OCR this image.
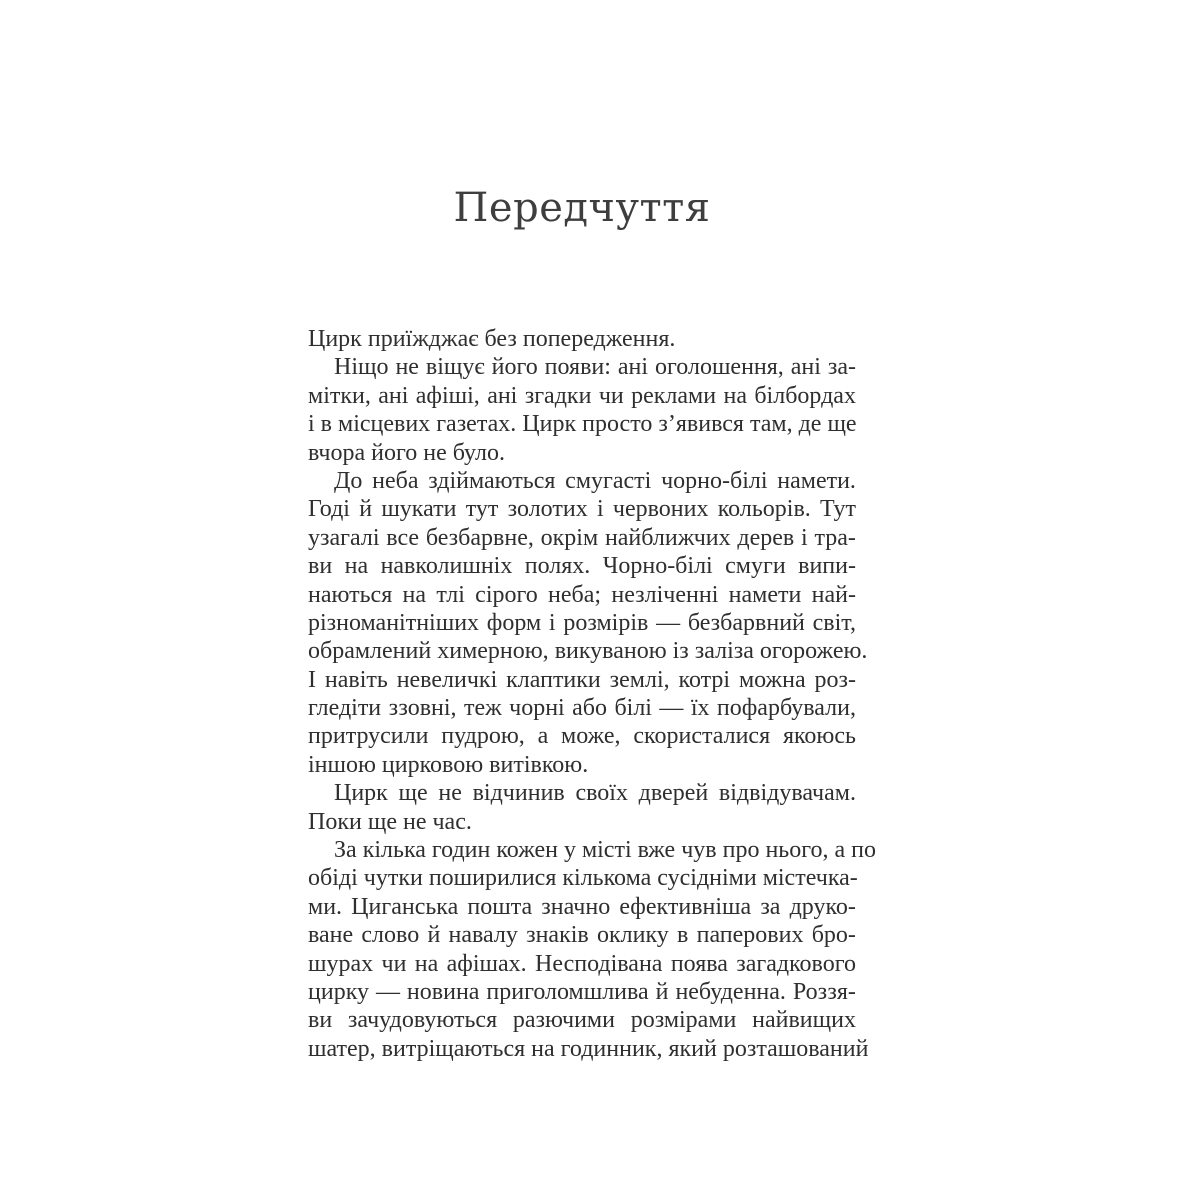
Передчуття
Цирк приїжджає без попередження.
Ніщо не віщує його появи: ані оголошення, ані за-
мітки, ані афіші, ані згадки чи реклами на білбордах
і в місцевих газетах. Цирк просто з’явився там, де ще
вчора його не було.
До неба здіймаються смугасті чорно-білі намети.
Годі й шукати тут золотих і червоних кольорів. Тут
узагалі все безбарвне, окрім найближчих дерев і тра-
ви на навколишніх полях. Чорно-білі смуги випи-
наються на тлі сірого неба; незліченні намети най-
різноманітніших форм і розмірів — безбарвний світ,
обрамлений химерною, викуваною із заліза огорожею.
І навіть невеличкі клаптики землі, котрі можна роз-
гледіти ззовні, теж чорні або білі — їх пофарбували,
притрусили пудрою, а може, скористалися якоюсь
іншою цирковою витівкою.
Цирк ще не відчинив своїх дверей відвідувачам.
Поки ще не час.
За кілька годин кожен у місті вже чув про нього, а по
обіді чутки поширилися кількома сусідніми містечка-
ми. Циганська пошта значно ефективніша за друко-
ване слово й навалу знаків оклику в паперових бро-
шурах чи на афішах. Несподівана поява загадкового
цирку — новина приголомшлива й небуденна. Роззя-
ви зачудовуються разючими розмірами найвищих
шатер, витріщаються на годинник, який розташований
